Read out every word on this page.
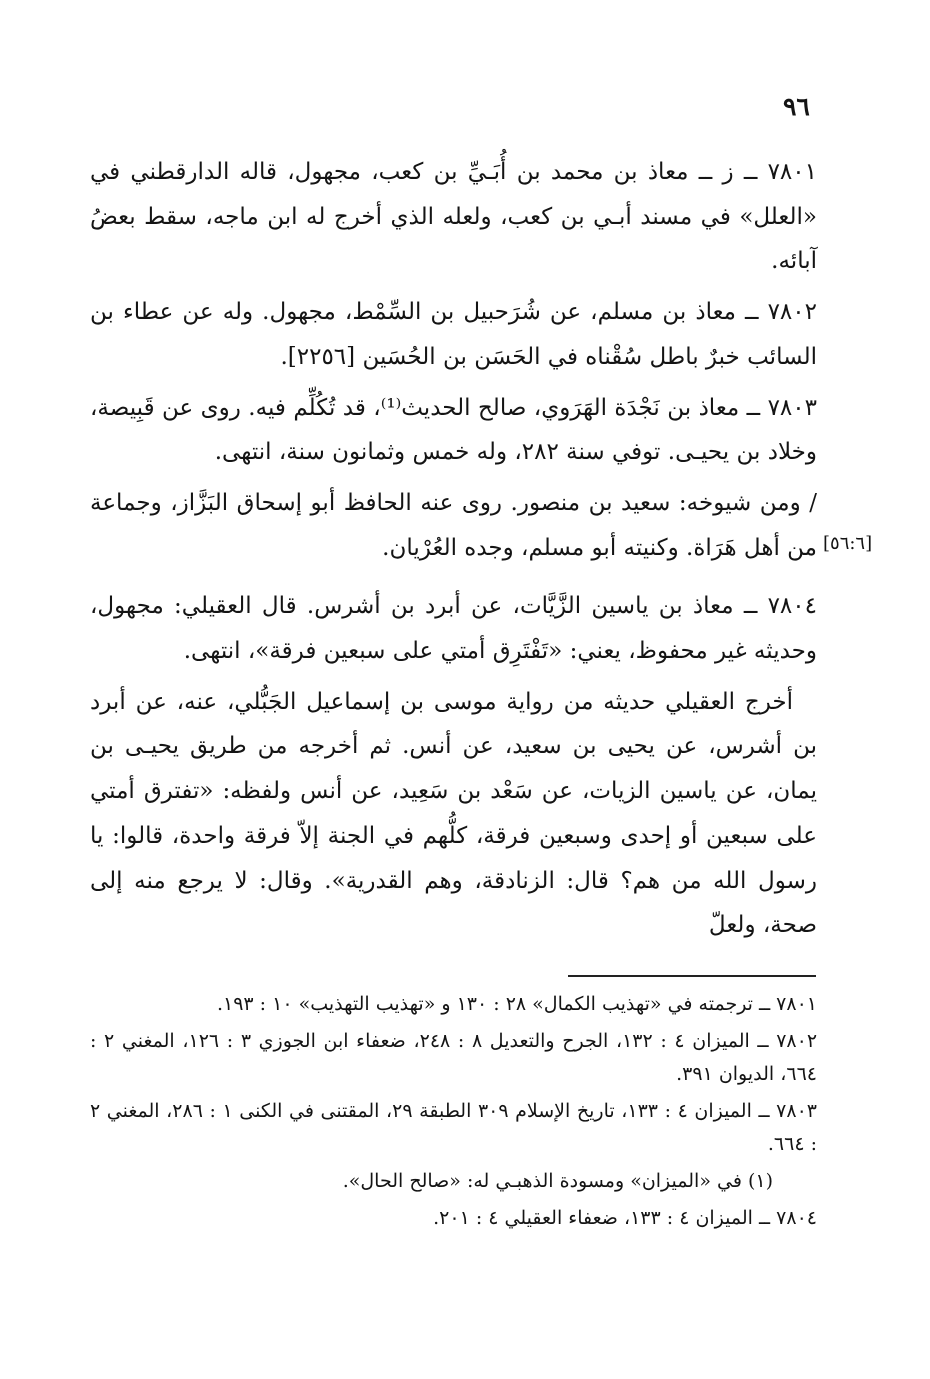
٩٦
[٥٦:٦]

٧٨٠١ ــ ز ــ معاذ بن محمد بن أُبَـيِّ بن كعب، مجهول، قاله الدارقطني في «العلل» في مسند أبـي بن كعب، ولعله الذي أخرج له ابن ماجه، سقط بعضُ آبائه.

٧٨٠٢ ــ معاذ بن مسلم، عن شُرَحبيل بن السِّمْط، مجهول. وله عن عطاء بن السائب خبرٌ باطل سُقْناه في الحَسَن بن الحُسَين [٢٢٥٦].

٧٨٠٣ ــ معاذ بن نَجْدَة الهَرَوي، صالح الحديث⁽¹⁾، قد تُكُلِّم فيه. روى عن قَبِيصة، وخلاد بن يحيـى. توفي سنة ٢٨٢، وله خمس وثمانون سنة، انتهى.

/ ومن شيوخه: سعيد بن منصور. روى عنه الحافظ أبو إسحاق البَزَّاز، وجماعة من أهل هَرَاة. وكنيته أبو مسلم، وجده العُرْيان.

٧٨٠٤ ــ معاذ بن ياسين الزَّيَّات، عن أبرد بن أشرس. قال العقيلي: مجهول، وحديثه غير محفوظ، يعني: «تَفْتَرِق أمتي على سبعين فرقة»، انتهى.

أخرج العقيلي حديثه من رواية موسى بن إسماعيل الجَبُّلي، عنه، عن أبرد بن أشرس، عن يحيى بن سعيد، عن أنس. ثم أخرجه من طريق يحيـى بن يمان، عن ياسين الزيات، عن سَعْد بن سَعِيد، عن أنس ولفظه: «تفترق أمتي على سبعين أو إحدى وسبعين فرقة، كلُّهم في الجنة إلاّ فرقة واحدة، قالوا: يا رسول الله من هم؟ قال: الزنادقة، وهم القدرية». وقال: لا يرجع منه إلى صحة، ولعلّ

٧٨٠١ ــ ترجمته في «تهذيب الكمال» ٢٨ : ١٣٠ و «تهذيب التهذيب» ١٠ : ١٩٣.

٧٨٠٢ ــ الميزان ٤ : ١٣٢، الجرح والتعديل ٨ : ٢٤٨، ضعفاء ابن الجوزي ٣ : ١٢٦، المغني ٢ : ٦٦٤، الديوان ٣٩١.

٧٨٠٣ ــ الميزان ٤ : ١٣٣، تاريخ الإسلام ٣٠٩ الطبقة ٢٩، المقتنى في الكنى ١ : ٢٨٦، المغني ٢ : ٦٦٤.

(١) في «الميزان» ومسودة الذهبـي له: «صالح الحال».

٧٨٠٤ ــ الميزان ٤ : ١٣٣، ضعفاء العقيلي ٤ : ٢٠١.
